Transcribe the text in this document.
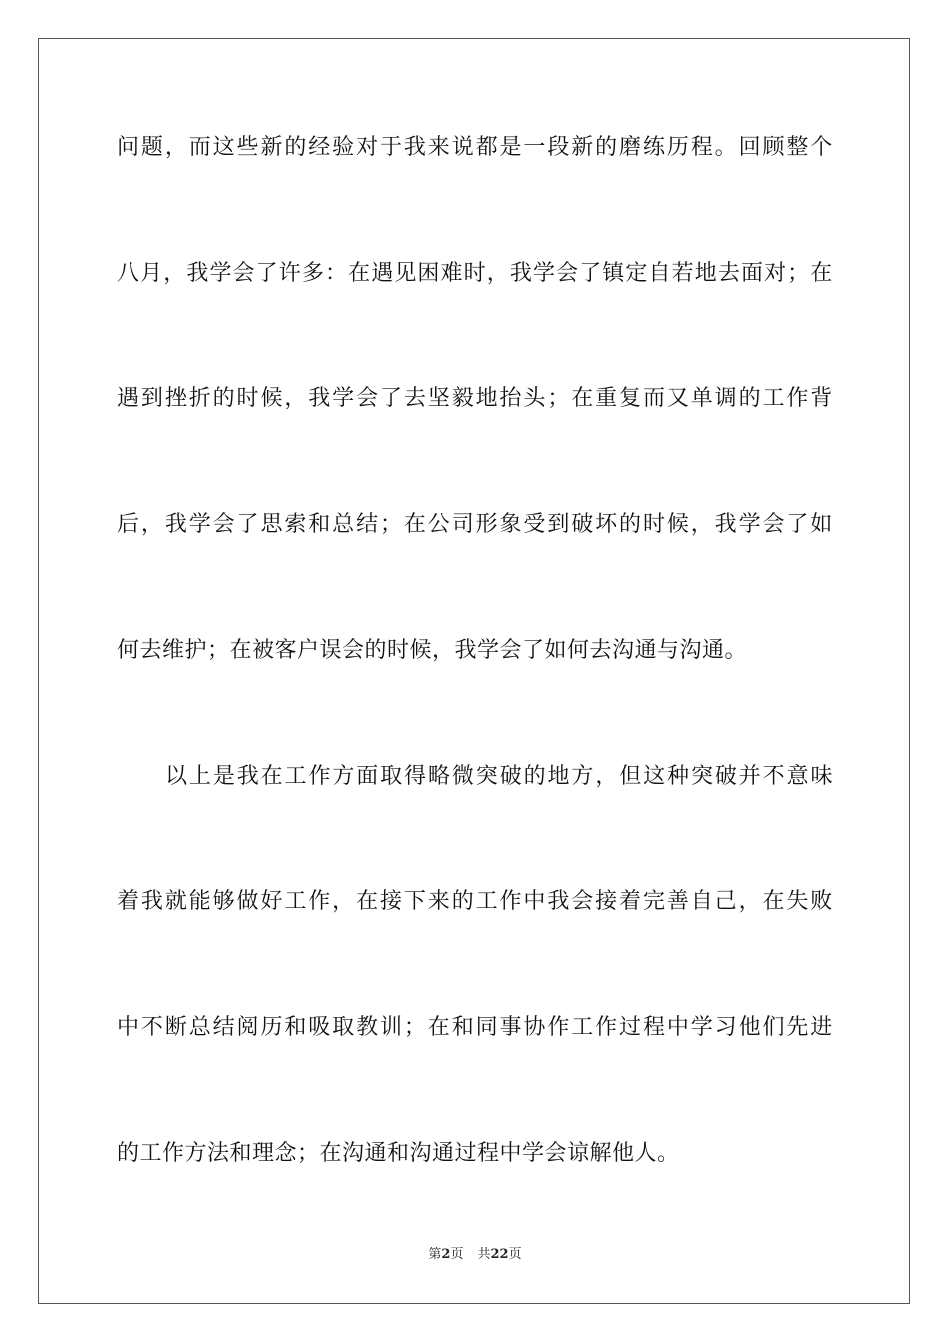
问 题 ， 而 这 些 新 的 经 验 对 于 我 来 说 都 是 一 段 新 的 磨 练 历 程 。 回 顾 整 个
八 月 ， 我 学 会 了 许 多 ： 在 遇 见 困 难 时 ， 我 学 会 了 镇 定 自 若 地 去 面 对 ； 在
遇 到 挫 折 的 时 候 ， 我 学 会 了 去 坚 毅 地 抬 头 ； 在 重 复 而 又 单 调 的 工 作 背
后 ， 我 学 会 了 思 索 和 总 结 ； 在 公 司 形 象 受 到 破 坏 的 时 候 ， 我 学 会 了 如
何去维护；在被客户误会的时候，我学会了如何去沟通与沟通。
以 上 是 我 在 工 作 方 面 取 得 略 微 突 破 的 地 方 ， 但 这 种 突 破 并 不 意 味
着 我 就 能 够 做 好 工 作 ， 在 接 下 来 的 工 作 中 我 会 接 着 完 善 自 己 ， 在 失 败
中 不 断 总 结 阅 历 和 吸 取 教 训 ； 在 和 同 事 协 作 工 作 过 程 中 学 习 他 们 先 进
的工作方法和理念；在沟通和沟通过程中学会谅解他人。
第2页 共22页
